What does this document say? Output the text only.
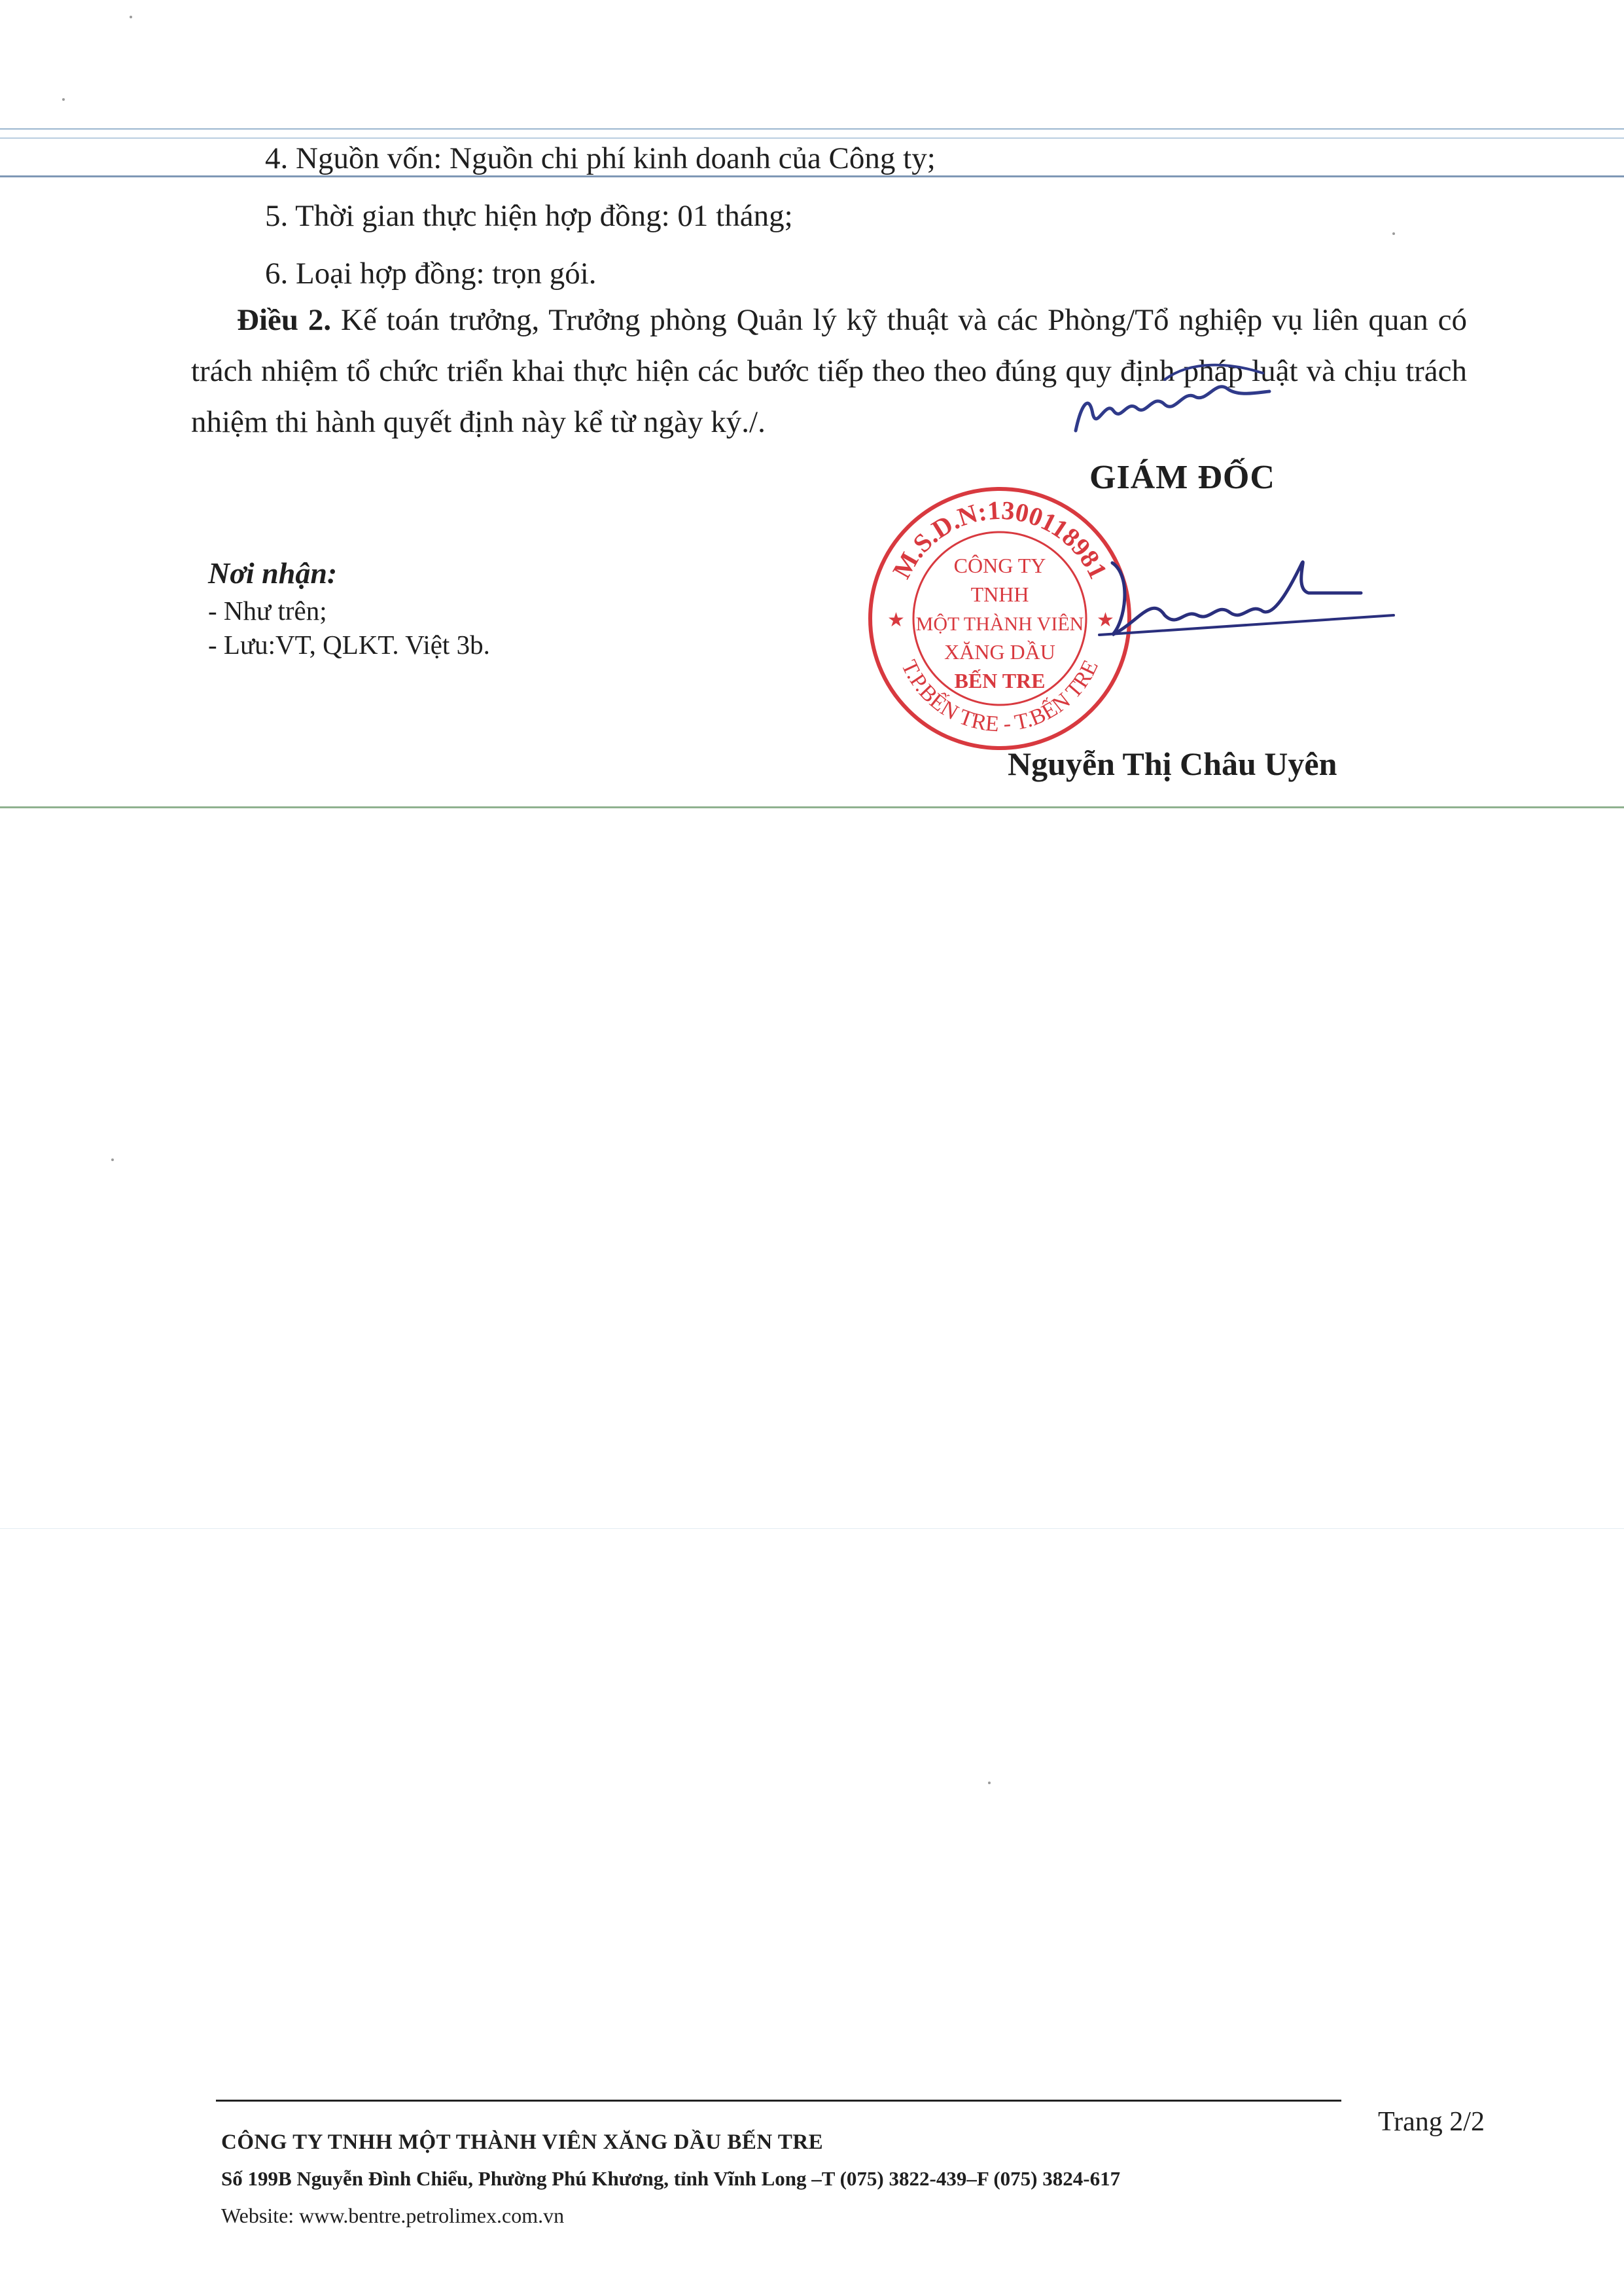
4. Nguồn vốn: Nguồn chi phí kinh doanh của Công ty;
5. Thời gian thực hiện hợp đồng: 01 tháng;
6. Loại hợp đồng: trọn gói.
Điều 2. Kế toán trưởng, Trưởng phòng Quản lý kỹ thuật và các Phòng/Tổ nghiệp vụ liên quan có trách nhiệm tổ chức triển khai thực hiện các bước tiếp theo theo đúng quy định pháp luật và chịu trách nhiệm thi hành quyết định này kể từ ngày ký./.
GIÁM ĐỐC
Nơi nhận:
- Như trên;
- Lưu:VT, QLKT. Việt 3b.
M.S.D.N:1300118981
T.P.BẾN TRE - T.BẾN TRE
★	★
CÔNG TY
TNHH
MỘT THÀNH VIÊN
XĂNG DẦU
BẾN TRE
Nguyễn Thị Châu Uyên
CÔNG TY TNHH MỘT THÀNH VIÊN XĂNG DẦU BẾN TRE
Số 199B Nguyễn Đình Chiểu, Phường Phú Khương, tỉnh Vĩnh Long –T (075) 3822-439–F (075) 3824-617
Website: www.bentre.petrolimex.com.vn
Trang 2/2
